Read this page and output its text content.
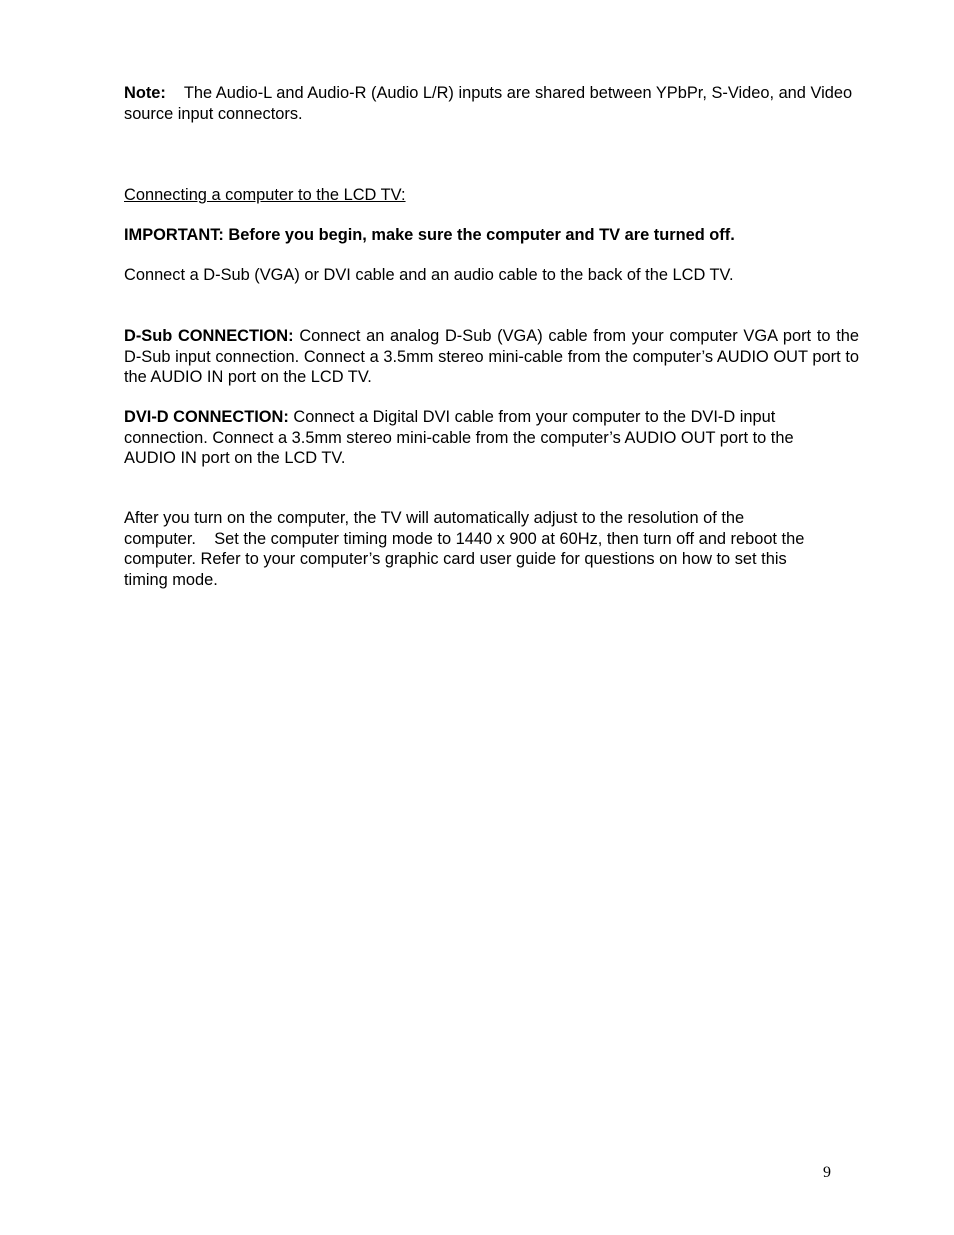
Note: The Audio-L and Audio-R (Audio L/R) inputs are shared between YPbPr, S-Video, and Video source input connectors.

Connecting a computer to the LCD TV:

IMPORTANT: Before you begin, make sure the computer and TV are turned off.

Connect a D-Sub (VGA) or DVI cable and an audio cable to the back of the LCD TV.

D-Sub CONNECTION: Connect an analog D-Sub (VGA) cable from your computer VGA port to the D-Sub input connection. Connect a 3.5mm stereo mini-cable from the computer’s AUDIO OUT port to the AUDIO IN port on the LCD TV.

DVI-D CONNECTION: Connect a Digital DVI cable from your computer to the DVI-D input
connection. Connect a 3.5mm stereo mini-cable from the computer’s AUDIO OUT port to the
AUDIO IN port on the LCD TV.
After you turn on the computer, the TV will automatically adjust to the resolution of the
computer.    Set the computer timing mode to 1440 x 900 at 60Hz, then turn off and reboot the
computer. Refer to your computer’s graphic card user guide for questions on how to set this
timing mode.
9
